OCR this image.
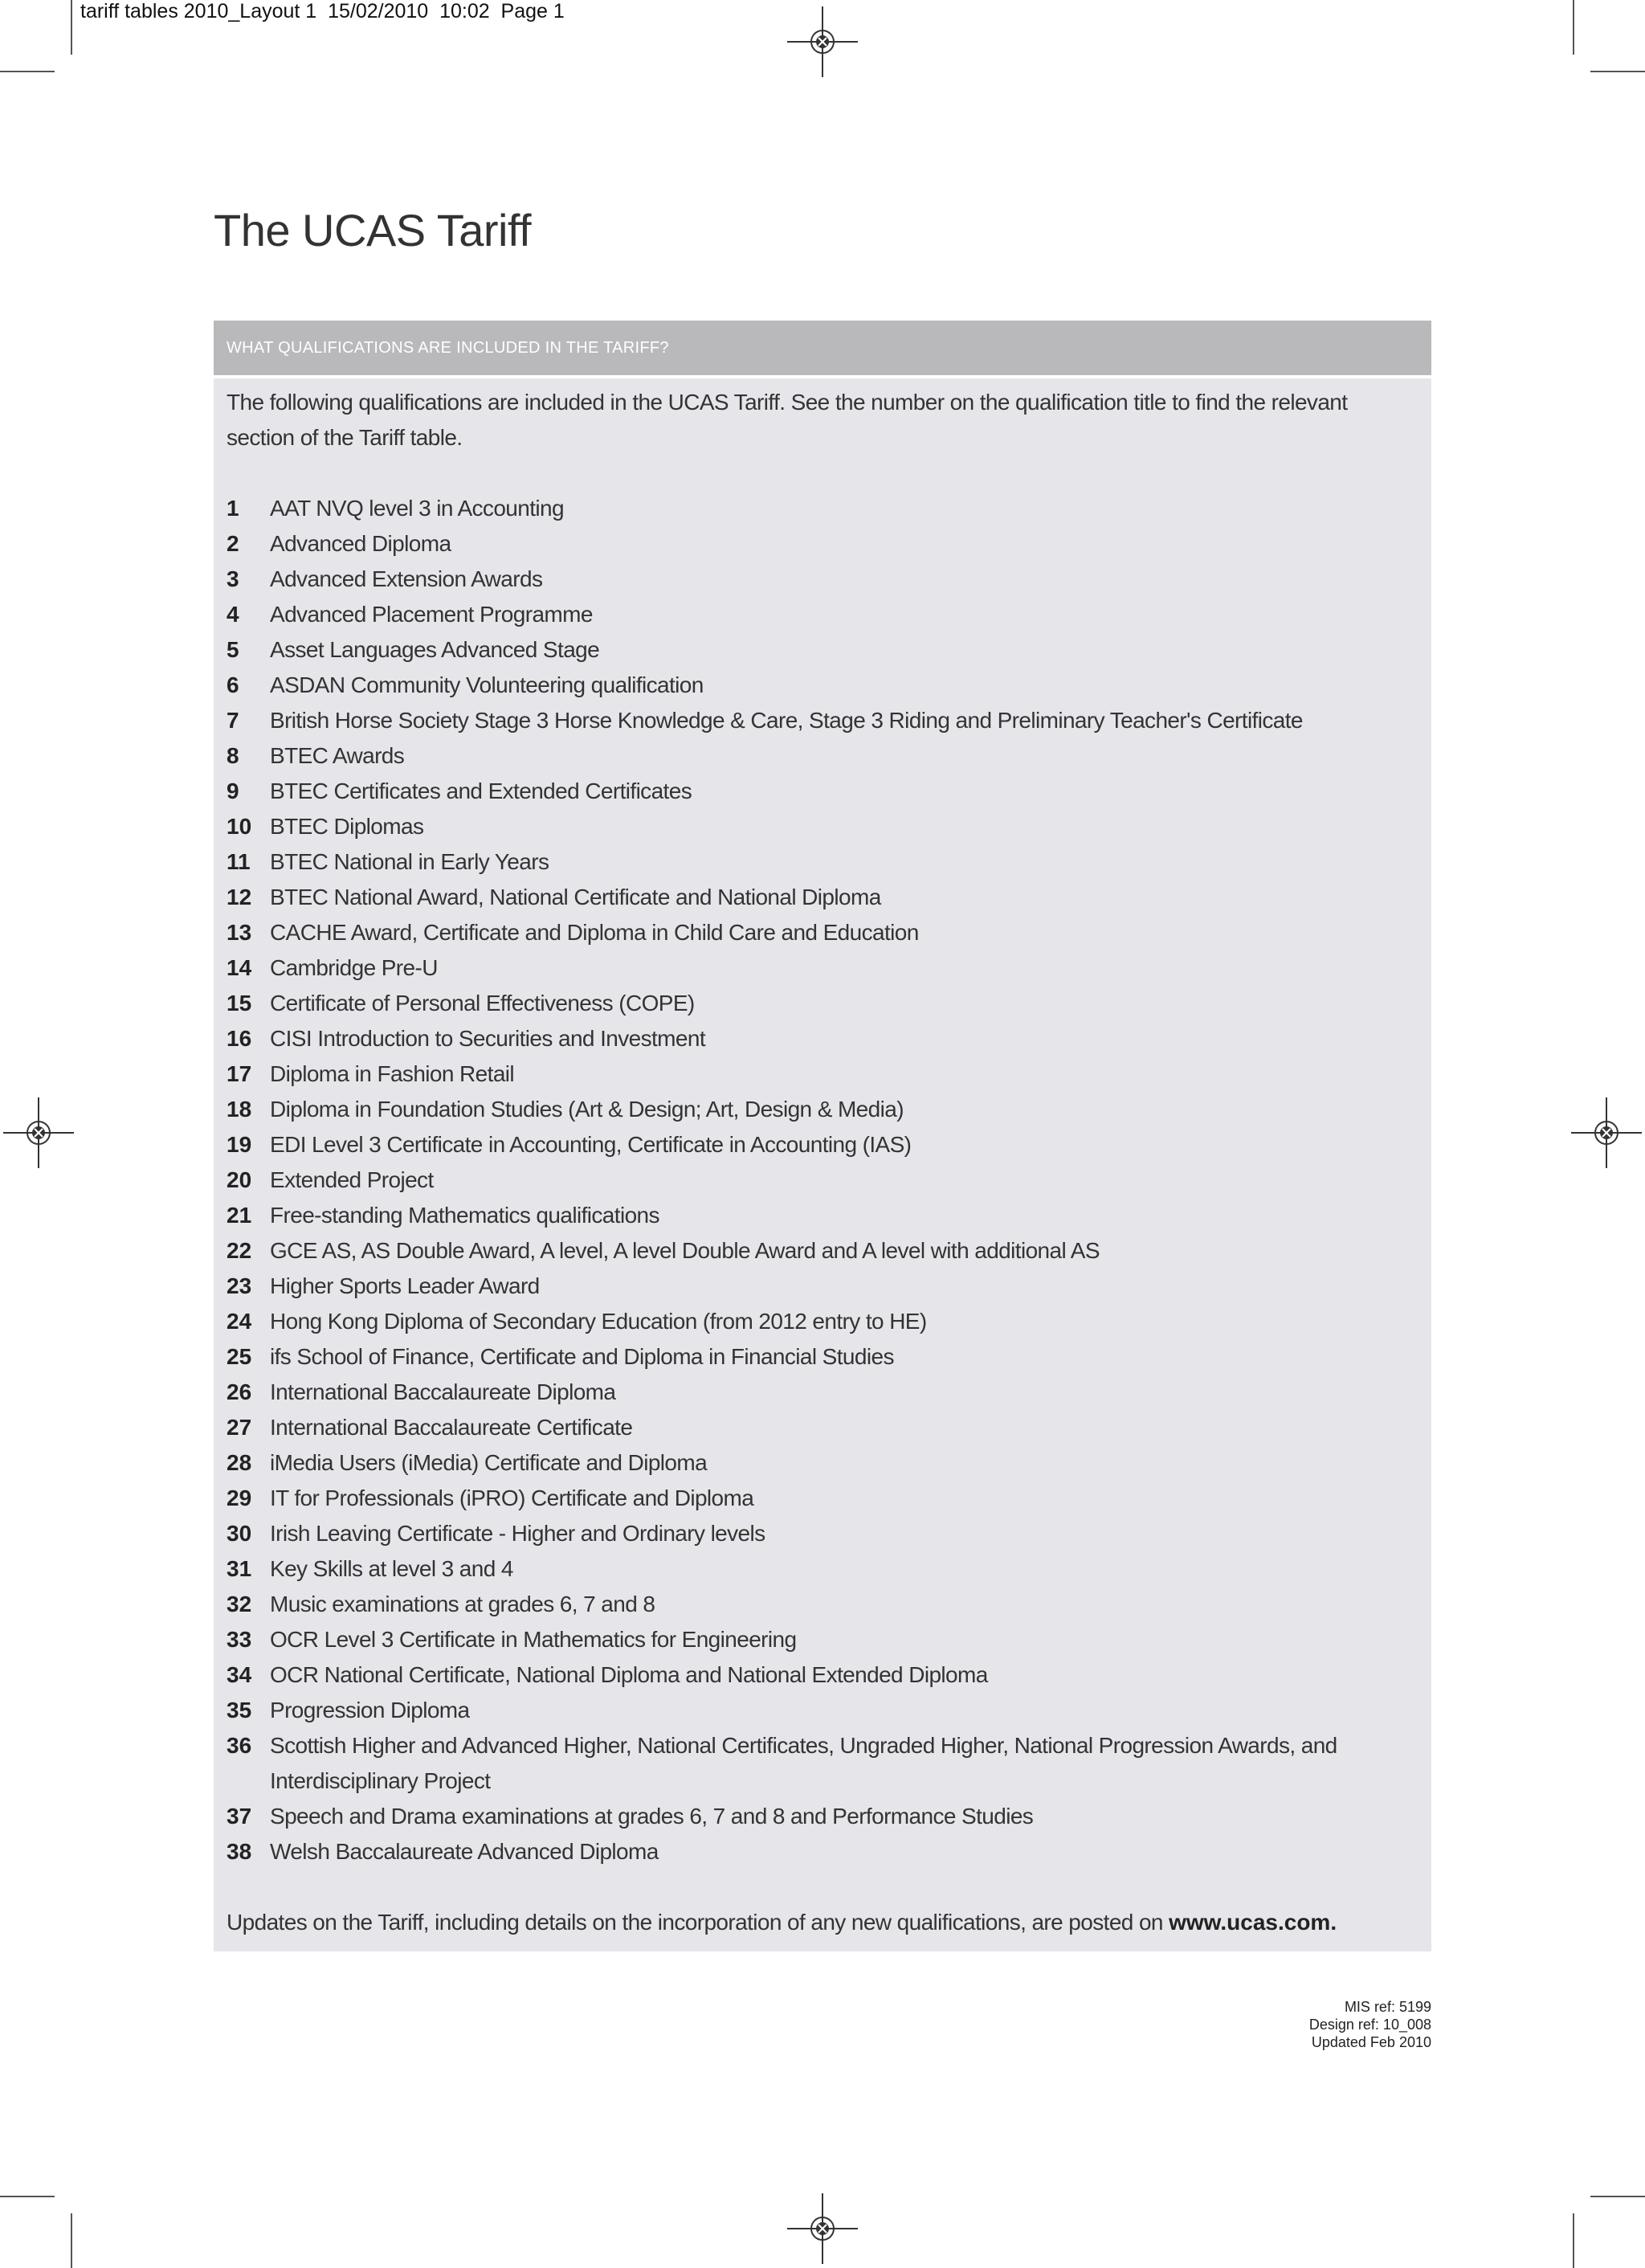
tariff tables 2010_Layout 1  15/02/2010  10:02  Page 1
The UCAS Tariff
WHAT QUALIFICATIONS ARE INCLUDED IN THE TARIFF?

The following qualifications are included in the UCAS Tariff. See the number on the qualification title to find the relevant section of the Tariff table.

1	AAT NVQ level 3 in Accounting
2	Advanced Diploma
3	Advanced Extension Awards
4	Advanced Placement Programme
5	Asset Languages Advanced Stage
6	ASDAN Community Volunteering qualification
7	British Horse Society Stage 3 Horse Knowledge & Care, Stage 3 Riding and Preliminary Teacher's Certificate
8	BTEC Awards
9	BTEC Certificates and Extended Certificates
10 BTEC Diplomas
11 BTEC National in Early Years
12 BTEC National Award, National Certificate and National Diploma
13 CACHE Award, Certificate and Diploma in Child Care and Education
14 Cambridge Pre-U
15 Certificate of Personal Effectiveness (COPE)
16 CISI Introduction to Securities and Investment
17 Diploma in Fashion Retail
18 Diploma in Foundation Studies (Art & Design; Art, Design & Media)
19 EDI Level 3 Certificate in Accounting, Certificate in Accounting (IAS)
20 Extended Project
21 Free-standing Mathematics qualifications
22 GCE AS, AS Double Award, A level, A level Double Award and A level with additional AS
23 Higher Sports Leader Award
24 Hong Kong Diploma of Secondary Education (from 2012 entry to HE)
25 ifs School of Finance, Certificate and Diploma in Financial Studies
26 International Baccalaureate Diploma
27 International Baccalaureate Certificate
28 iMedia Users (iMedia) Certificate and Diploma
29 IT for Professionals (iPRO) Certificate and Diploma
30 Irish Leaving Certificate - Higher and Ordinary levels
31 Key Skills at level 3 and 4
32 Music examinations at grades 6, 7 and 8
33 OCR Level 3 Certificate in Mathematics for Engineering
34 OCR National Certificate, National Diploma and National Extended Diploma
35 Progression Diploma
36 Scottish Higher and Advanced Higher, National Certificates, Ungraded Higher, National Progression Awards, and Interdisciplinary Project
37 Speech and Drama examinations at grades 6, 7 and 8 and Performance Studies
38 Welsh Baccalaureate Advanced Diploma

Updates on the Tariff, including details on the incorporation of any new qualifications, are posted on www.ucas.com.

MIS ref: 5199
Design ref: 10_008
Updated Feb 2010
